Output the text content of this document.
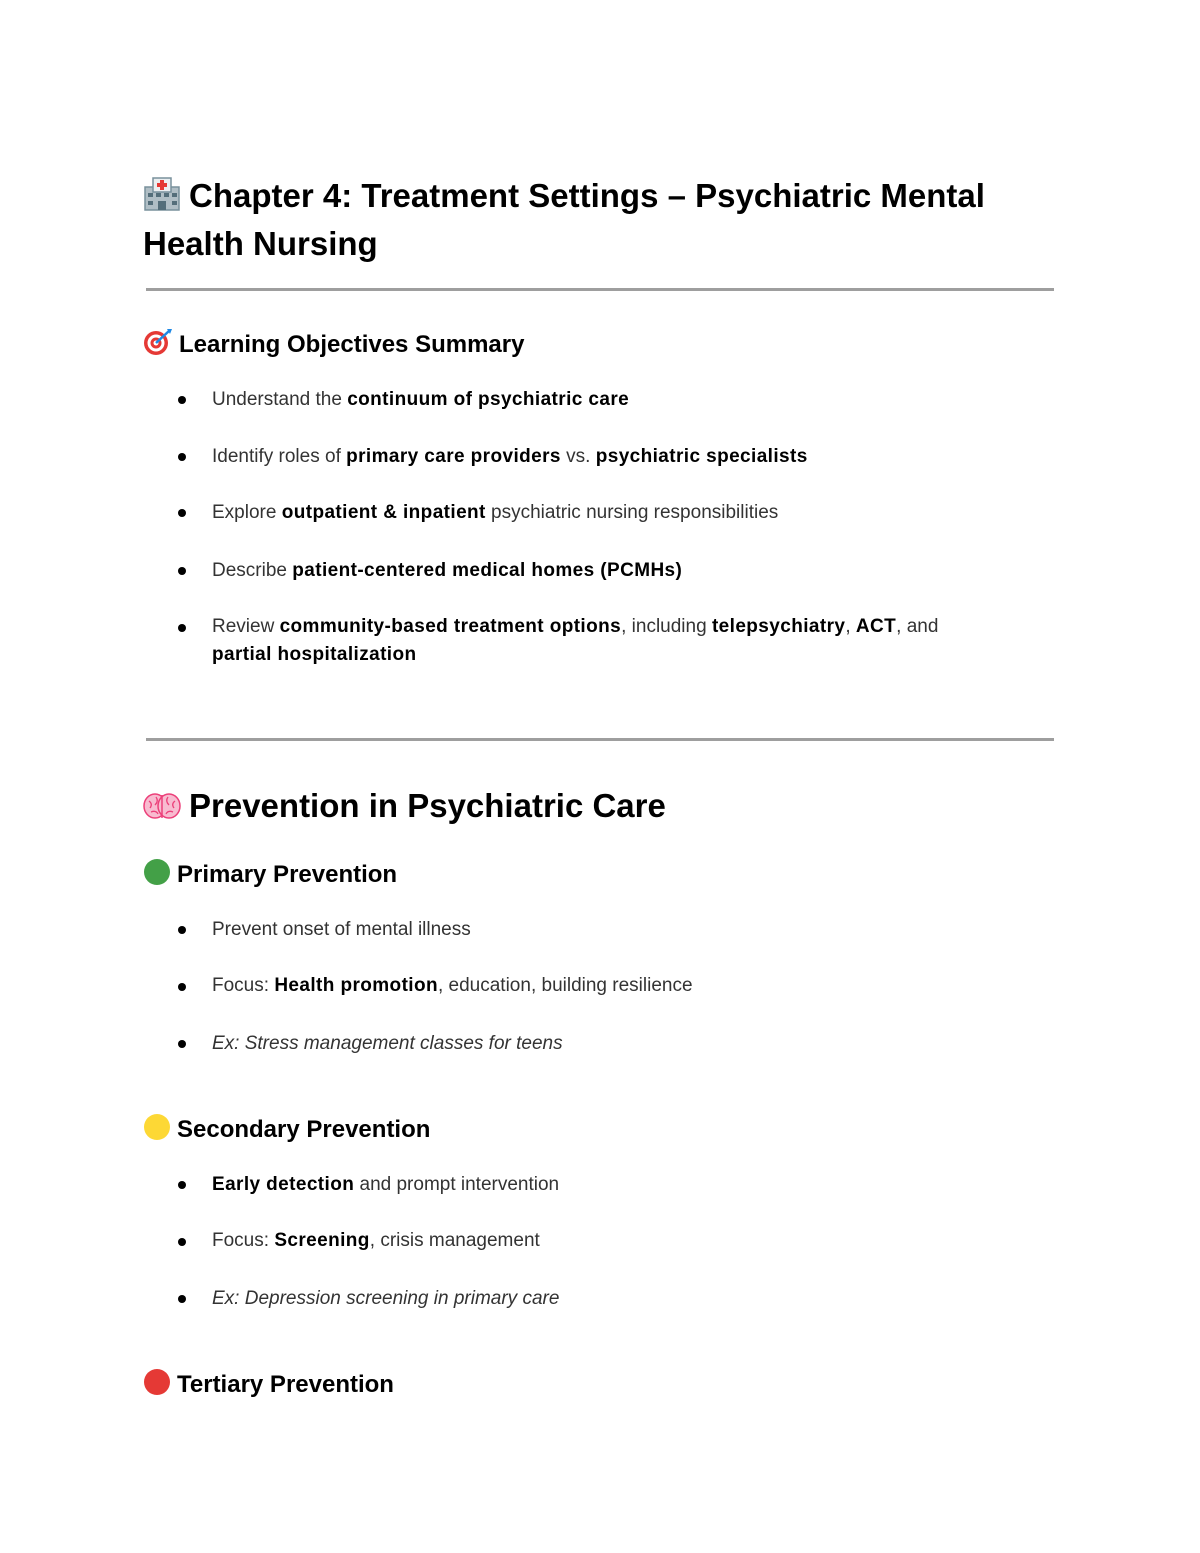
Chapter 4: Treatment Settings – Psychiatric Mental Health Nursing
Learning Objectives Summary

Understand the continuum of psychiatric care

Identify roles of primary care providers vs. psychiatric specialists

Explore outpatient & inpatient psychiatric nursing responsibilities

Describe patient-centered medical homes (PCMHs)

Review community-based treatment options, including telepsychiatry, ACT, and
partial hospitalization

Prevention in Psychiatric Care
Primary Prevention

Prevent onset of mental illness

Focus: Health promotion, education, building resilience

Ex: Stress management classes for teens

Secondary Prevention

Early detection and prompt intervention

Focus: Screening, crisis management

Ex: Depression screening in primary care

Tertiary Prevention
